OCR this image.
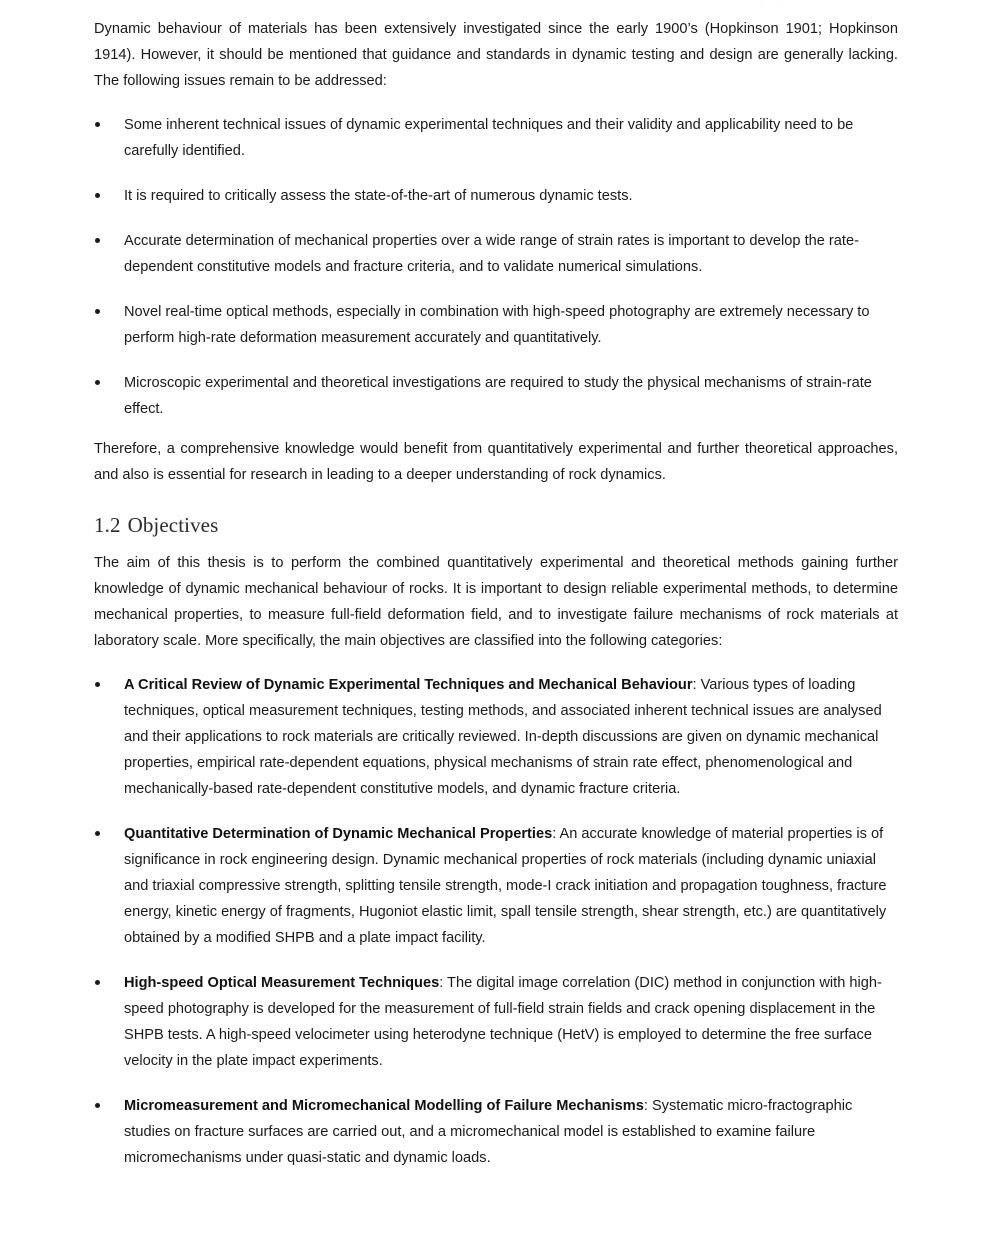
· ·

Dynamic behaviour of materials has been extensively investigated since the early 1900’s (Hopkinson 1901; Hopkinson 1914). However, it should be mentioned that guidance and standards in dynamic testing and design are generally lacking. The following issues remain to be addressed:

Some inherent technical issues of dynamic experimental techniques and their validity and applicability need to be carefully identified.
It is required to critically assess the state-of-the-art of numerous dynamic tests.
Accurate determination of mechanical properties over a wide range of strain rates is important to develop the rate-dependent constitutive models and fracture criteria, and to validate numerical simulations.
Novel real-time optical methods, especially in combination with high-speed photography are extremely necessary to perform high-rate deformation measurement accurately and quantitatively.
Microscopic experimental and theoretical investigations are required to study the physical mechanisms of strain-rate effect.

Therefore, a comprehensive knowledge would benefit from quantitatively experimental and further theoretical approaches, and also is essential for research in leading to a deeper understanding of rock dynamics.

1.2 Objectives

The aim of this thesis is to perform the combined quantitatively experimental and theoretical methods gaining further knowledge of dynamic mechanical behaviour of rocks. It is important to design reliable experimental methods, to determine mechanical properties, to measure full-field deformation field, and to investigate failure mechanisms of rock materials at laboratory scale. More specifically, the main objectives are classified into the following categories:

A Critical Review of Dynamic Experimental Techniques and Mechanical Behaviour: Various types of loading techniques, optical measurement techniques, testing methods, and associated inherent technical issues are analysed and their applications to rock materials are critically reviewed. In-depth discussions are given on dynamic mechanical properties, empirical rate-dependent equations, physical mechanisms of strain rate effect, phenomenological and mechanically-based rate-dependent constitutive models, and dynamic fracture criteria.
Quantitative Determination of Dynamic Mechanical Properties: An accurate knowledge of material properties is of significance in rock engineering design. Dynamic mechanical properties of rock materials (including dynamic uniaxial and triaxial compressive strength, splitting tensile strength, mode-I crack initiation and propagation toughness, fracture energy, kinetic energy of fragments, Hugoniot elastic limit, spall tensile strength, shear strength, etc.) are quantitatively obtained by a modified SHPB and a plate impact facility.
High-speed Optical Measurement Techniques: The digital image correlation (DIC) method in conjunction with high-speed photography is developed for the measurement of full-field strain fields and crack opening displacement in the SHPB tests. A high-speed velocimeter using heterodyne technique (HetV) is employed to determine the free surface velocity in the plate impact experiments.
Micromeasurement and Micromechanical Modelling of Failure Mechanisms: Systematic micro-fractographic studies on fracture surfaces are carried out, and a micromechanical model is established to examine failure micromechanisms under quasi-static and dynamic loads.
